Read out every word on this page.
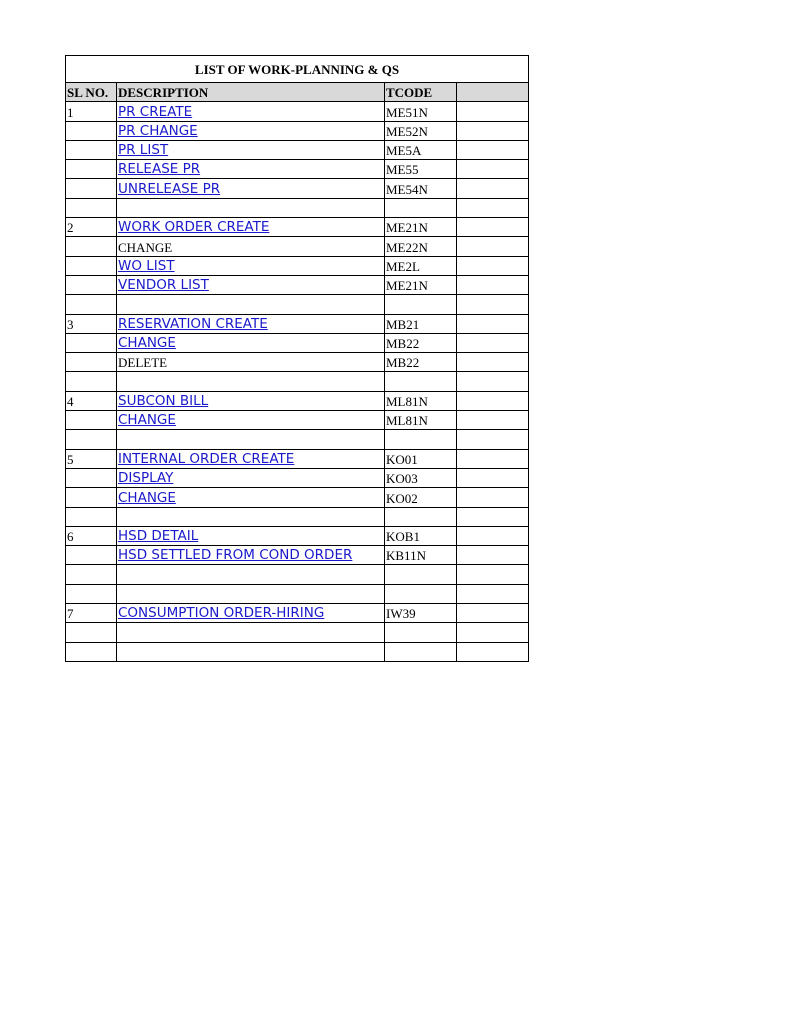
LIST OF WORK-PLANNING & QS			
SL NO.	DESCRIPTION	TCODE	
1	PR CREATE	ME51N	
	PR CHANGE	ME52N	
	PR LIST	ME5A	
	RELEASE PR	ME55	
	UNRELEASE PR	ME54N	

2	WORK ORDER CREATE	ME21N	
	CHANGE	ME22N	
	WO LIST	ME2L	
	VENDOR LIST	ME21N	

3	RESERVATION CREATE	MB21	
	CHANGE	MB22	
	DELETE	MB22	

4	SUBCON BILL	ML81N	
	CHANGE	ML81N	

5	INTERNAL ORDER CREATE	KO01	
	DISPLAY	KO03	
	CHANGE	KO02	

6	HSD DETAIL	KOB1	
	HSD SETTLED FROM COND ORDER	KB11N	

7	CONSUMPTION ORDER-HIRING	IW39	
